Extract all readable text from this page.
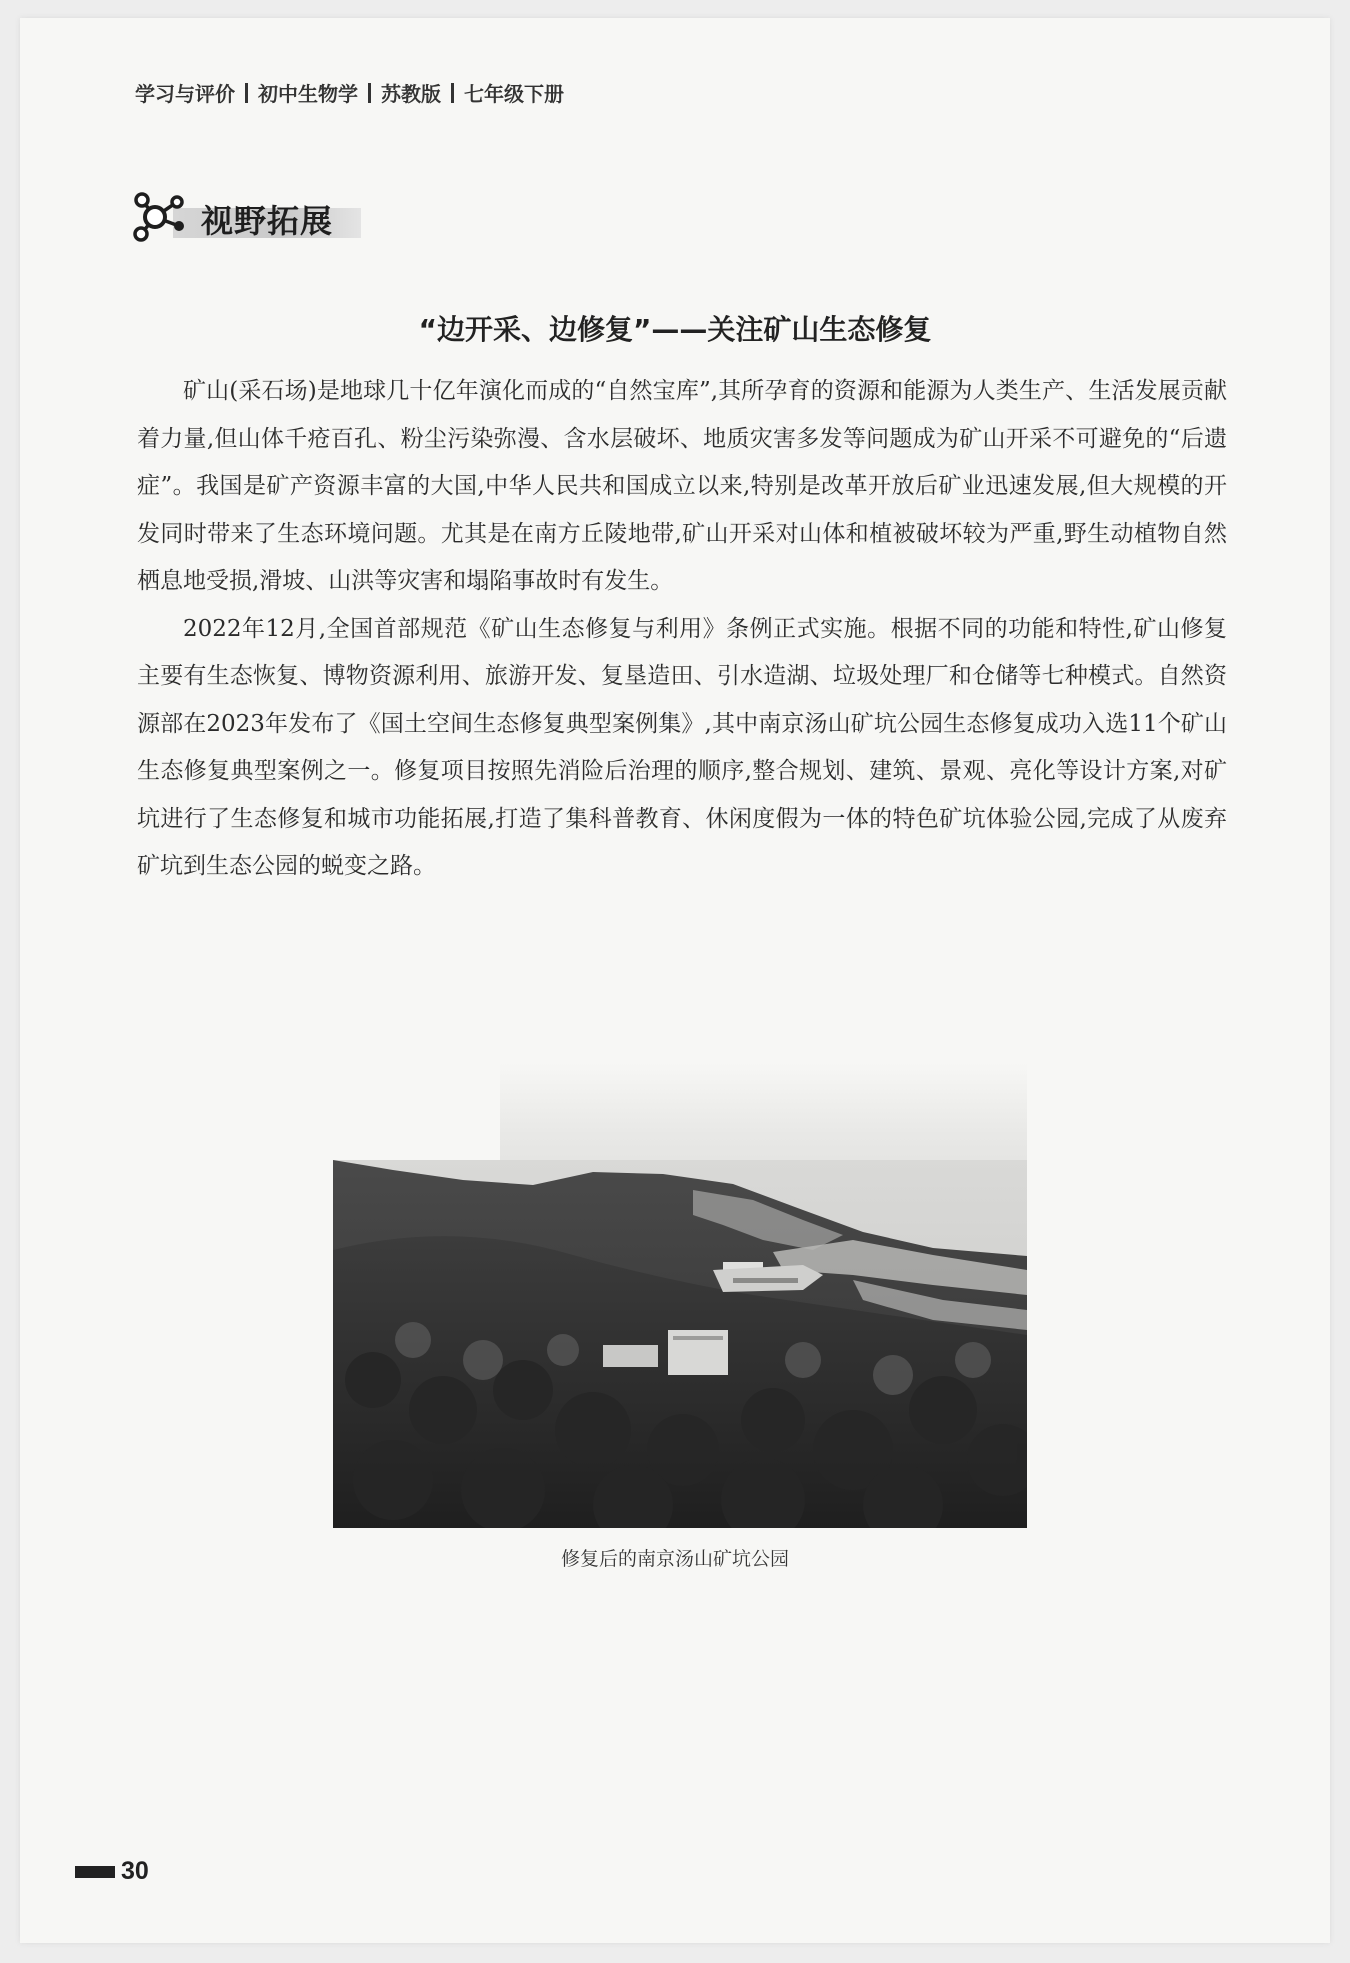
学习与评价 初中生物学 苏教版 七年级下册
视野拓展
“边开采、边修复”——关注矿山生态修复

矿山(采石场)是地球几十亿年演化而成的“自然宝库”,其所孕育的资源和能源为人类生产、生活发展贡献着力量,但山体千疮百孔、粉尘污染弥漫、含水层破坏、地质灾害多发等问题成为矿山开采不可避免的“后遗症”。我国是矿产资源丰富的大国,中华人民共和国成立以来,特别是改革开放后矿业迅速发展,但大规模的开发同时带来了生态环境问题。尤其是在南方丘陵地带,矿山开采对山体和植被破坏较为严重,野生动植物自然栖息地受损,滑坡、山洪等灾害和塌陷事故时有发生。

2022年12月,全国首部规范《矿山生态修复与利用》条例正式实施。根据不同的功能和特性,矿山修复主要有生态恢复、博物资源利用、旅游开发、复垦造田、引水造湖、垃圾处理厂和仓储等七种模式。自然资源部在2023年发布了《国土空间生态修复典型案例集》,其中南京汤山矿坑公园生态修复成功入选11个矿山生态修复典型案例之一。修复项目按照先消险后治理的顺序,整合规划、建筑、景观、亮化等设计方案,对矿坑进行了生态修复和城市功能拓展,打造了集科普教育、休闲度假为一体的特色矿坑体验公园,完成了从废弃矿坑到生态公园的蜕变之路。

修复后的南京汤山矿坑公园
30
